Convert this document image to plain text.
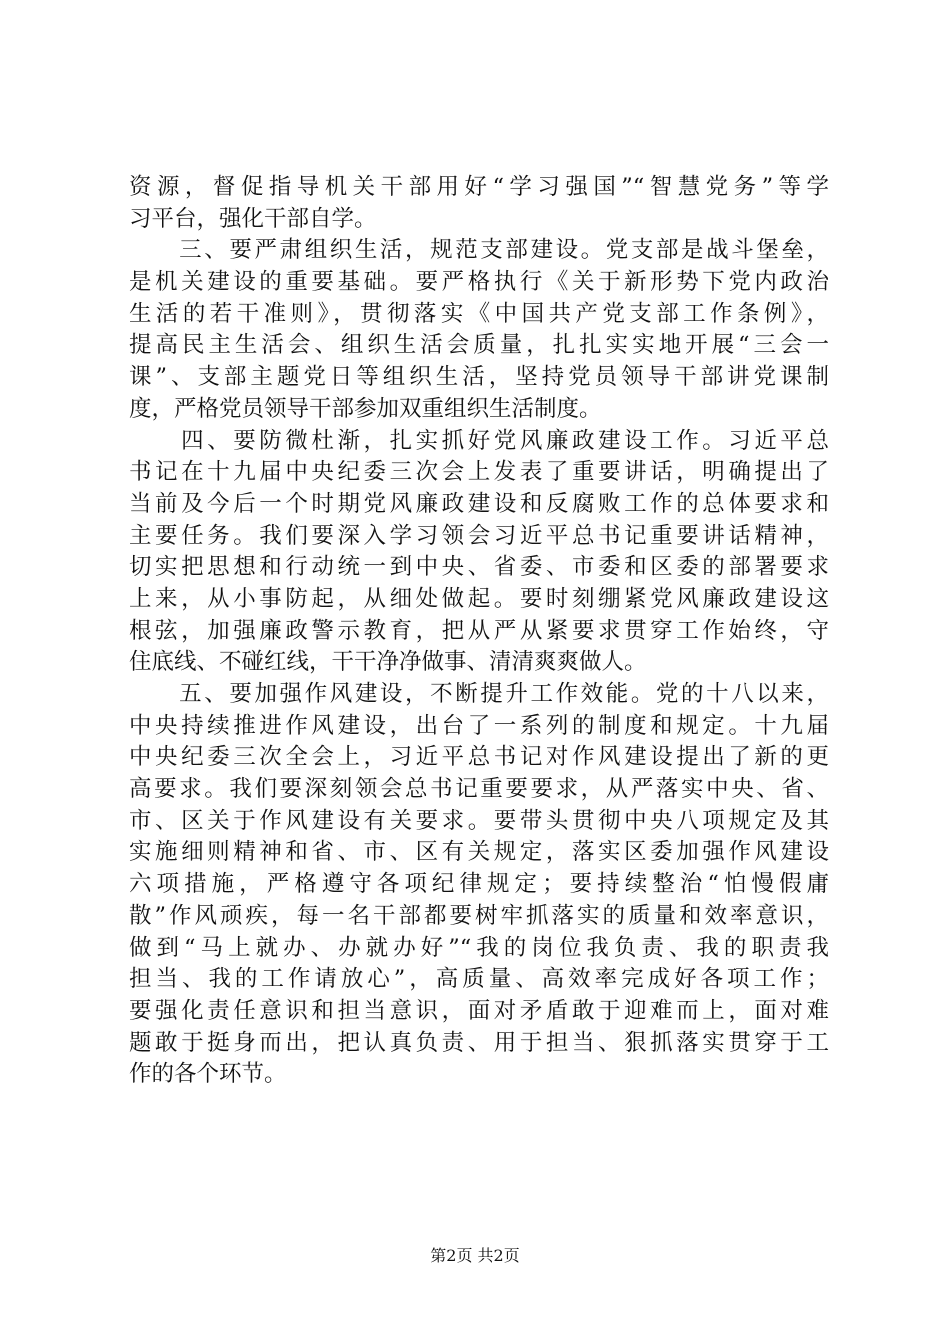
资源，督促指导机关干部用好“学习强国”“智慧党务”等学
习平台，强化干部自学。
　　三、要严肃组织生活，规范支部建设。党支部是战斗堡垒，
是机关建设的重要基础。要严格执行《关于新形势下党内政治
生活的若干准则》，贯彻落实《中国共产党支部工作条例》，
提高民主生活会、组织生活会质量，扎扎实实地开展“三会一
课”、支部主题党日等组织生活，坚持党员领导干部讲党课制
度，严格党员领导干部参加双重组织生活制度。
　　四、要防微杜渐，扎实抓好党风廉政建设工作。习近平总
书记在十九届中央纪委三次会上发表了重要讲话，明确提出了
当前及今后一个时期党风廉政建设和反腐败工作的总体要求和
主要任务。我们要深入学习领会习近平总书记重要讲话精神，
切实把思想和行动统一到中央、省委、市委和区委的部署要求
上来，从小事防起，从细处做起。要时刻绷紧党风廉政建设这
根弦，加强廉政警示教育，把从严从紧要求贯穿工作始终，守
住底线、不碰红线，干干净净做事、清清爽爽做人。
　　五、要加强作风建设，不断提升工作效能。党的十八以来，
中央持续推进作风建设，出台了一系列的制度和规定。十九届
中央纪委三次全会上，习近平总书记对作风建设提出了新的更
高要求。我们要深刻领会总书记重要要求，从严落实中央、省、
市、区关于作风建设有关要求。要带头贯彻中央八项规定及其
实施细则精神和省、市、区有关规定，落实区委加强作风建设
六项措施，严格遵守各项纪律规定；要持续整治“怕慢假庸
散”作风顽疾，每一名干部都要树牢抓落实的质量和效率意识，
做到“马上就办、办就办好”“我的岗位我负责、我的职责我
担当、我的工作请放心”，高质量、高效率完成好各项工作；
要强化责任意识和担当意识，面对矛盾敢于迎难而上，面对难
题敢于挺身而出，把认真负责、用于担当、狠抓落实贯穿于工
作的各个环节。
第2页 共2页
